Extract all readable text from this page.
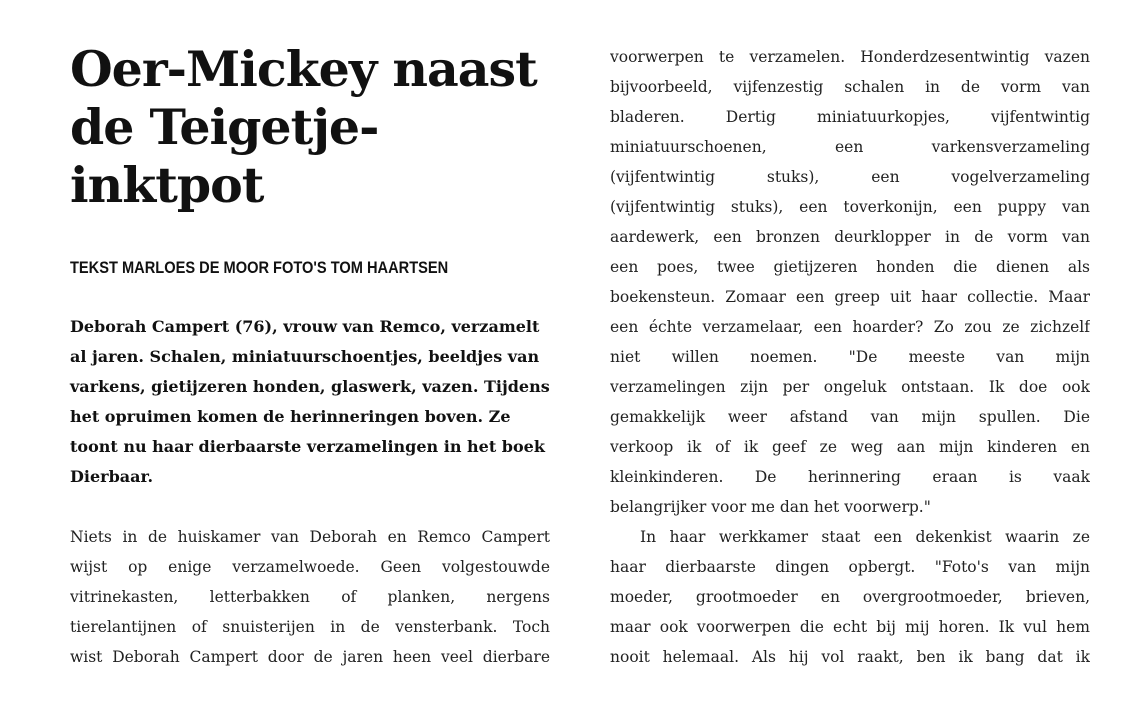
Oer-Mickey naast de Teigetje-inktpot
TEKST MARLOES DE MOOR FOTO'S TOM HAARTSEN

Deborah Campert (76), vrouw van Remco, verzamelt al jaren. Schalen, miniatuurschoentjes, beeldjes van varkens, gietijzeren honden, glaswerk, vazen. Tijdens het opruimen komen de herinneringen boven. Ze toont nu haar dierbaarste verzamelingen in het boek Dierbaar.

Niets in de huiskamer van Deborah en Remco Campert
wijst op enige verzamelwoede. Geen volgestouwde
vitrinekasten, letterbakken of planken, nergens
tierelantijnen of snuisterijen in de vensterbank. Toch
wist Deborah Campert door de jaren heen veel dierbare
voorwerpen te verzamelen. Honderdzesentwintig vazen
bijvoorbeeld, vijfenzestig schalen in de vorm van
bladeren. Dertig miniatuurkopjes, vijfentwintig
miniatuurschoenen, een varkensverzameling
(vijfentwintig stuks), een vogelverzameling
(vijfentwintig stuks), een toverkonijn, een puppy van
aardewerk, een bronzen deurklopper in de vorm van
een poes, twee gietijzeren honden die dienen als
boekensteun. Zomaar een greep uit haar collectie. Maar
een échte verzamelaar, een hoarder? Zo zou ze zichzelf
niet willen noemen. "De meeste van mijn
verzamelingen zijn per ongeluk ontstaan. Ik doe ook
gemakkelijk weer afstand van mijn spullen. Die
verkoop ik of ik geef ze weg aan mijn kinderen en
kleinkinderen. De herinnering eraan is vaak
belangrijker voor me dan het voorwerp."
In haar werkkamer staat een dekenkist waarin ze
haar dierbaarste dingen opbergt. "Foto's van mijn
moeder, grootmoeder en overgrootmoeder, brieven,
maar ook voorwerpen die echt bij mij horen. Ik vul hem
nooit helemaal. Als hij vol raakt, ben ik bang dat ik
